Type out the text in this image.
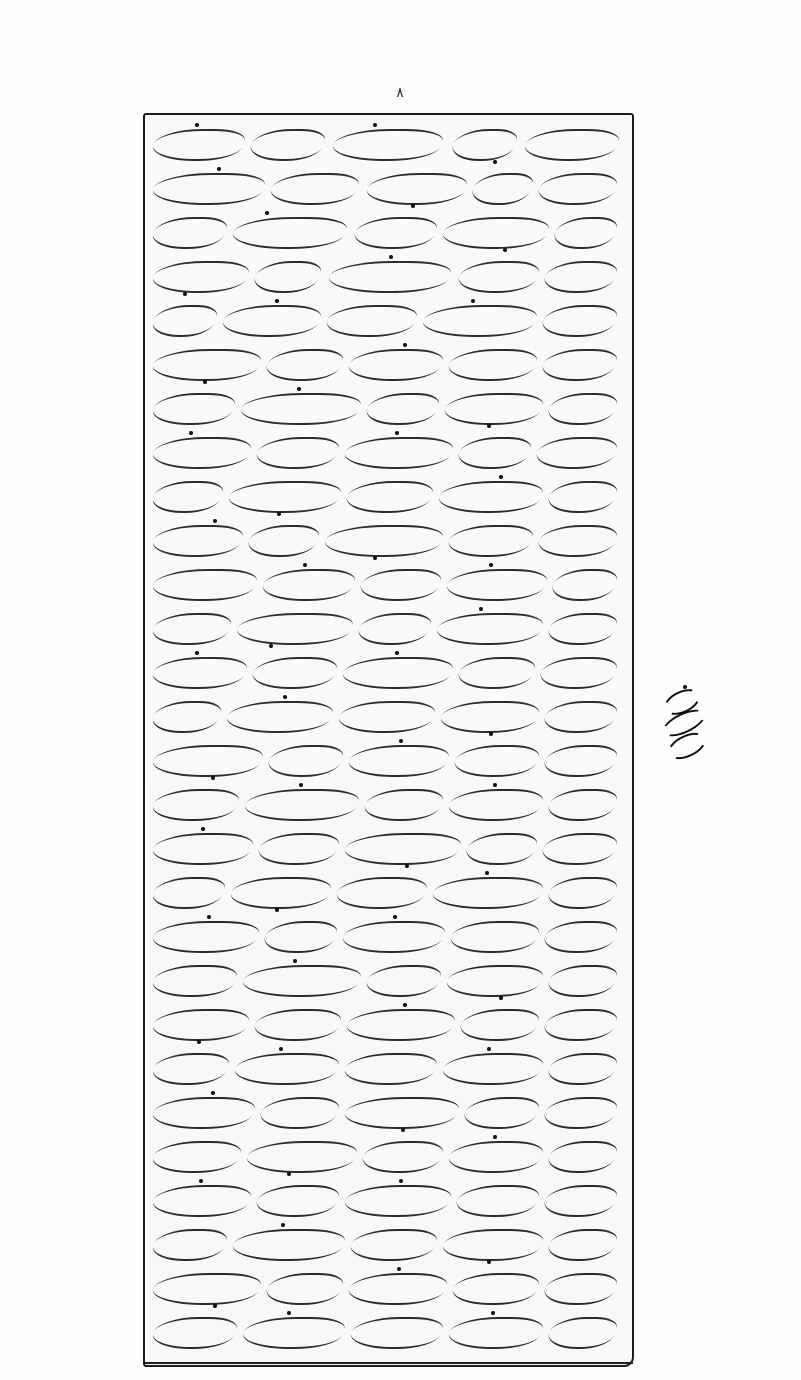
٨
